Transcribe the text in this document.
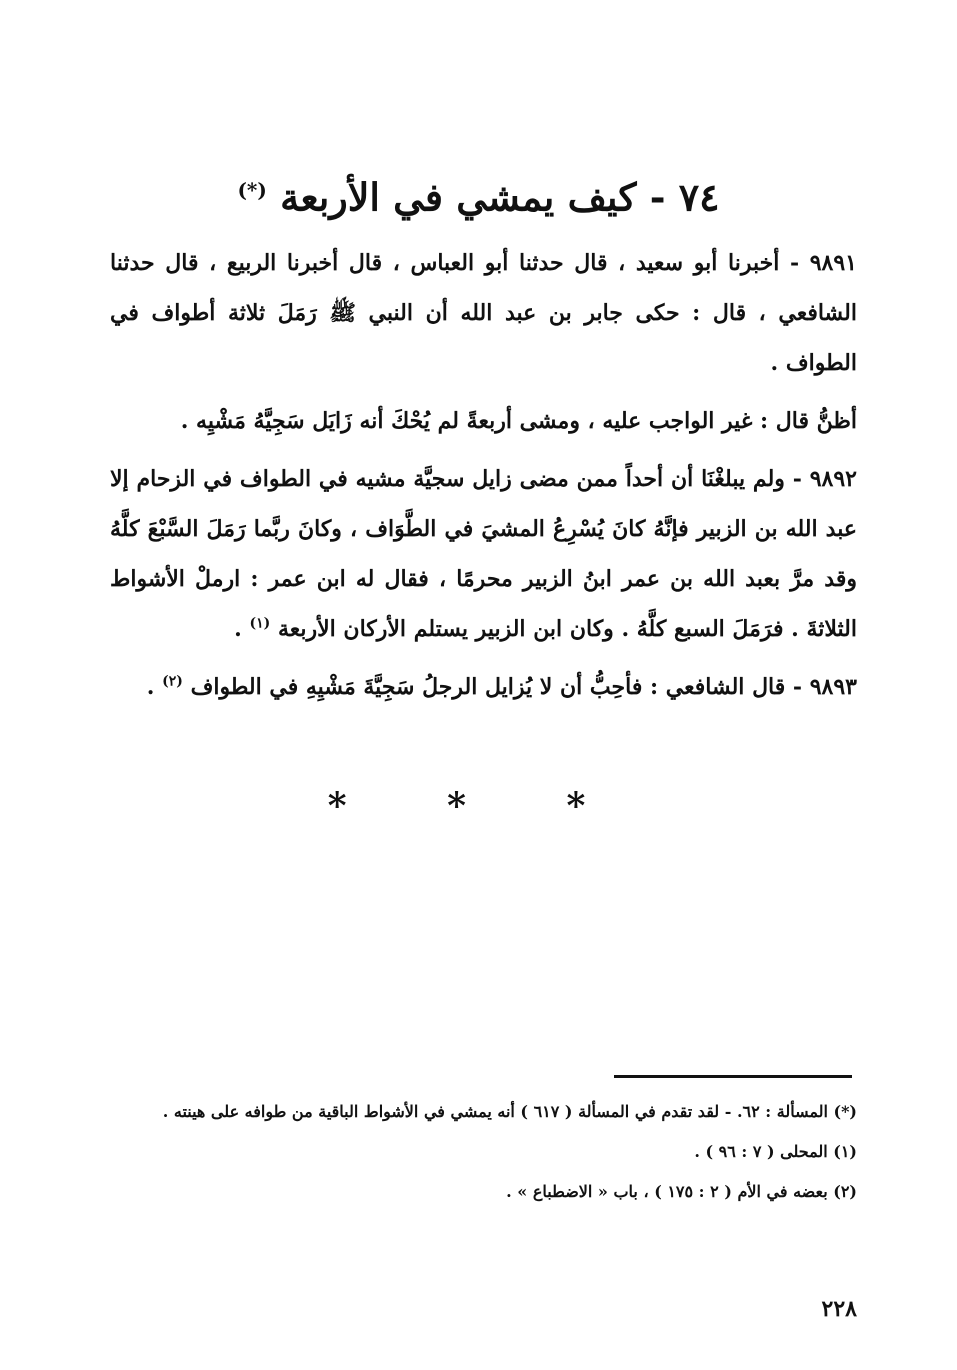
٧٤ - كيف يمشي في الأربعة (*)

٩٨٩١ - أخبرنا أبو سعيد ، قال حدثنا أبو العباس ، قال أخبرنا الربيع ، قال حدثنا الشافعي ، قال : حكى جابر بن عبد الله أن النبي ﷺ رَمَلَ ثلاثة أطواف في الطواف .

أظنُّ قال : غير الواجب عليه ، ومشى أربعةً لم يُحْكَ أنه زَايَل سَجِيَّهُ مَشْيِه .

٩٨٩٢ - ولم يبلغْنَا أن أحداً ممن مضى زايل سجيَّة مشيه في الطواف في الزحام إلا عبد الله بن الزبير فإنَّهُ كانَ يُسْرِعُ المشيَ في الطَّوَاف ، وكانَ ربَّما رَمَلَ السَّبْعَ كلَّهُ وقد مرَّ بعبد الله بن عمر ابنُ الزبير محرمًا ، فقال له ابن عمر : ارملْ الأشواط الثلاثةَ . فرَمَلَ السبع كلَّهُ . وكان ابن الزبير يستلم الأركان الأربعة $^{(١)}$ .

٩٨٩٣ - قال الشافعي : فأحِبُّ أن لا يُزايل الرجلُ سَجِيَّةَ مَشْيِهِ في الطواف $^{(٢)}$ .

* * *

(*) المسألة : ٦٢. - لقد تقدم في المسألة ( ٦١٧ ) أنه يمشي في الأشواط الباقية من طوافه على هينته .

(١) المحلى ( ٧ : ٩٦ ) .

(٢) بعضه في الأم ( ٢ : ١٧٥ ) ، باب « الاضطباع » .

٢٢٨
